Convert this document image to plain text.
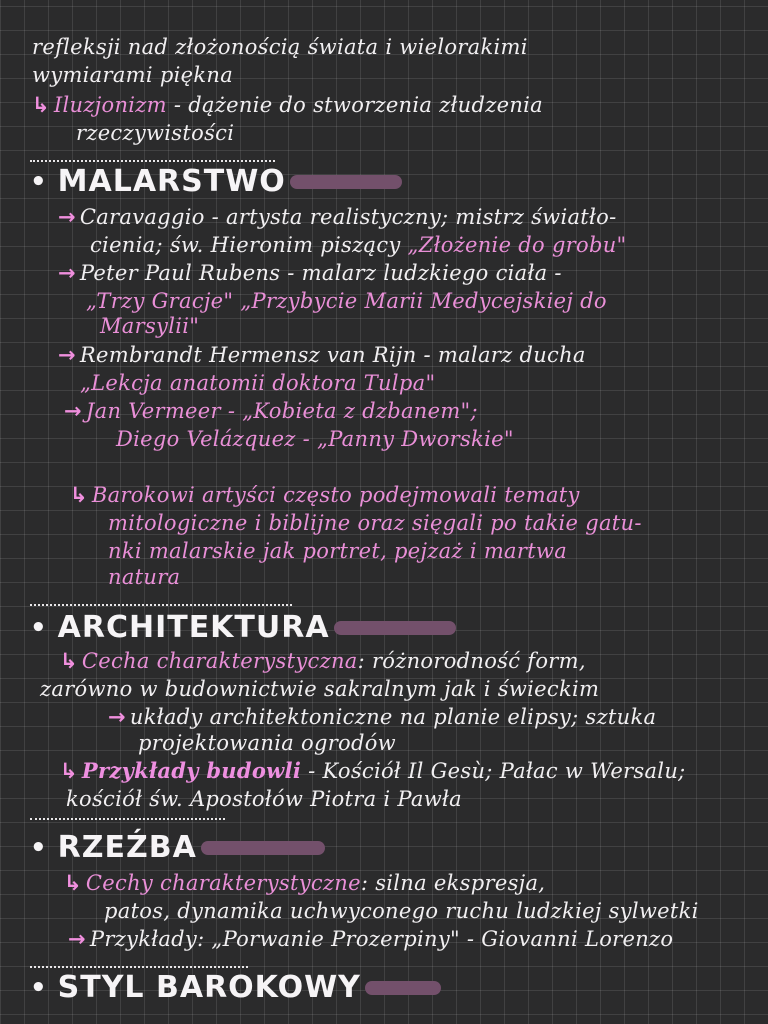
refleksji nad złożonością świata i wielorakimi
wymiarami piękna
↳ Iluzjonizm - dążenie do stworzenia złudzenia
rzeczywistości
• MALARSTWO
→ Caravaggio - artysta realistyczny; mistrz światło-
cienia; św. Hieronim piszący „Złożenie do grobu"
→ Peter Paul Rubens - malarz ludzkiego ciała -
„Trzy Gracje" „Przybycie Marii Medycejskiej do
Marsylii"
→ Rembrandt Hermensz van Rijn - malarz ducha
„Lekcja anatomii doktora Tulpa"
→ Jan Vermeer - „Kobieta z dzbanem";
Diego Velázquez - „Panny Dworskie"
↳ Barokowi artyści często podejmowali tematy
mitologiczne i biblijne oraz sięgali po takie gatu-
nki malarskie jak portret, pejzaż i martwa
natura
• ARCHITEKTURA
↳ Cecha charakterystyczna: różnorodność form,
zarówno w budownictwie sakralnym jak i świeckim
→ układy architektoniczne na planie elipsy; sztuka
projektowania ogrodów
↳ Przykłady budowli - Kościół Il Gesù; Pałac w Wersalu;
kościół św. Apostołów Piotra i Pawła
• RZEŹBA
↳ Cechy charakterystyczne: silna ekspresja,
patos, dynamika uchwyconego ruchu ludzkiej sylwetki
→ Przykłady: „Porwanie Prozerpiny" - Giovanni Lorenzo
• STYL BAROKOWY
